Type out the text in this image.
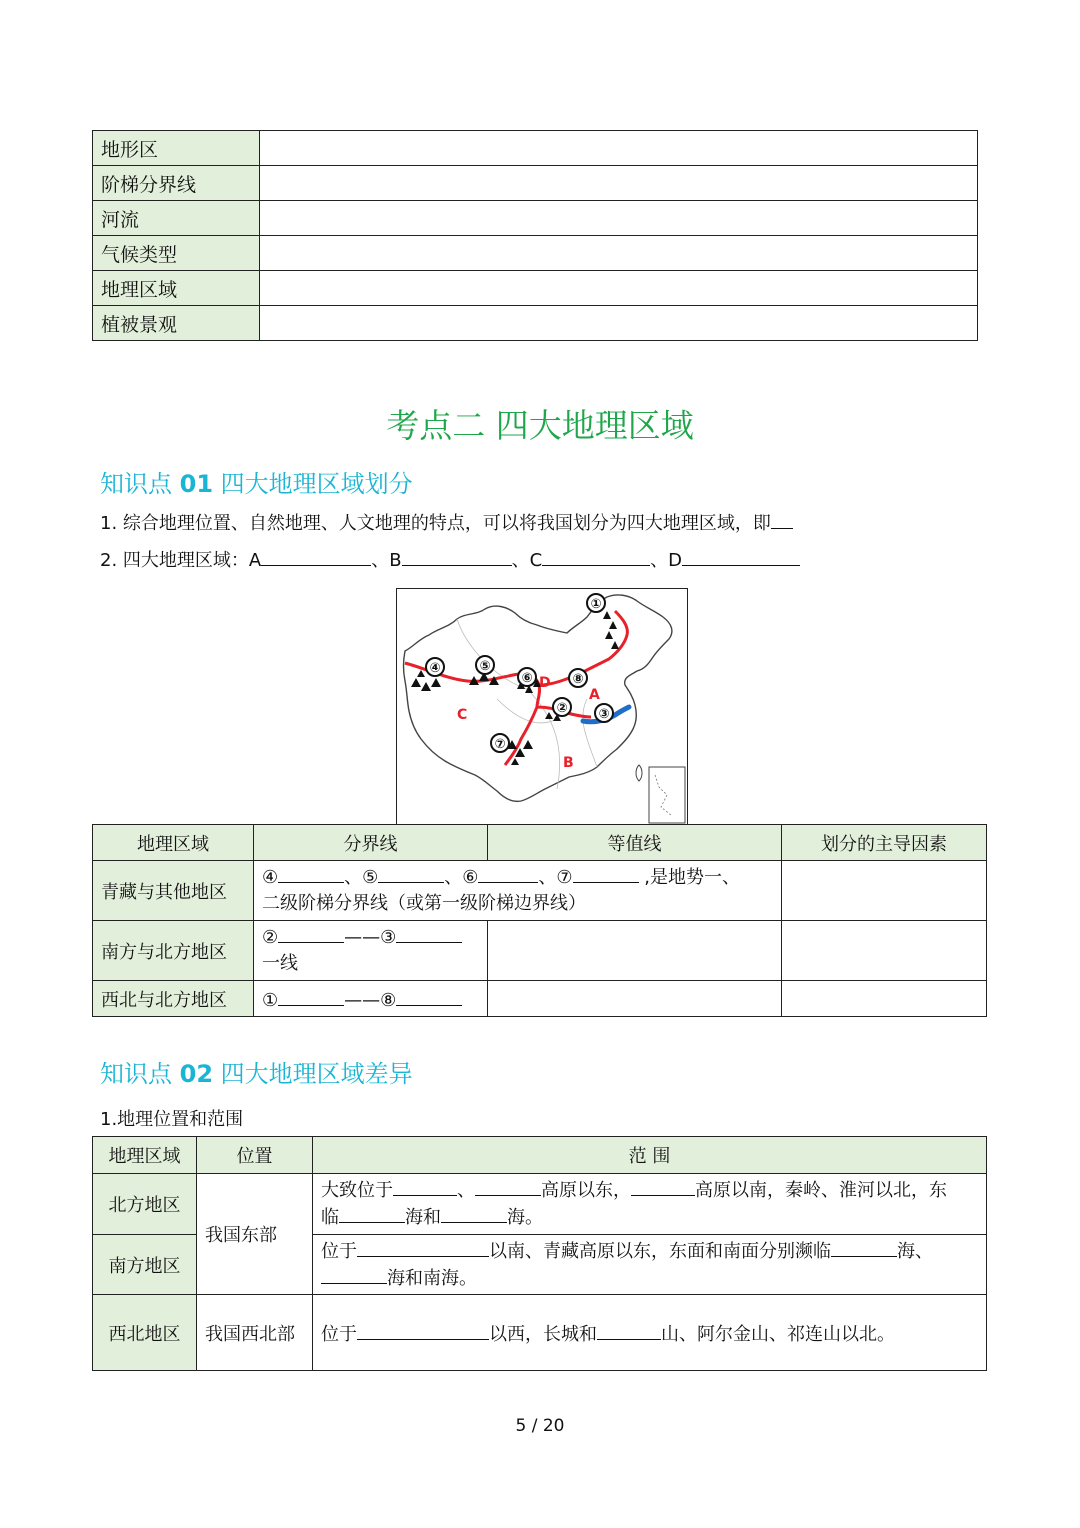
地形区	
阶梯分界线	
河流	
气候类型	
地理区域	
植被景观	
考点二 四大地理区域
知识点 01 四大地理区域划分
1. 综合地理位置、自然地理、人文地理的特点，可以将我国划分为四大地理区域，即
2. 四大地理区域：A	、B	、C	、D
①
② ③
④	⑤
⑥
⑦
⑧
A
B
C
D
地理区域	分界线	等值线	划分的主导因素
青藏与其他地区	④ 、⑤ 、⑥ 、⑦ ,是地势一、
二级阶梯分界线（或第一级阶梯边界线）		
南方与北方地区	② ——③
一线		
西北与北方地区	① ——⑧		
知识点 02 四大地理区域差异
1.地理位置和范围
地理区域	位置	范 围
北方地区	我国东部	大致位于 、 高原以东， 高原以南，秦岭、淮河以北，东
临 海和 海。
南方地区		位于 以南、青藏高原以东，东面和南面分别濒临 海、
海和南海。
西北地区	我国西北部	位于 以西，长城和 山、阿尔金山、祁连山以北。
5 / 20
